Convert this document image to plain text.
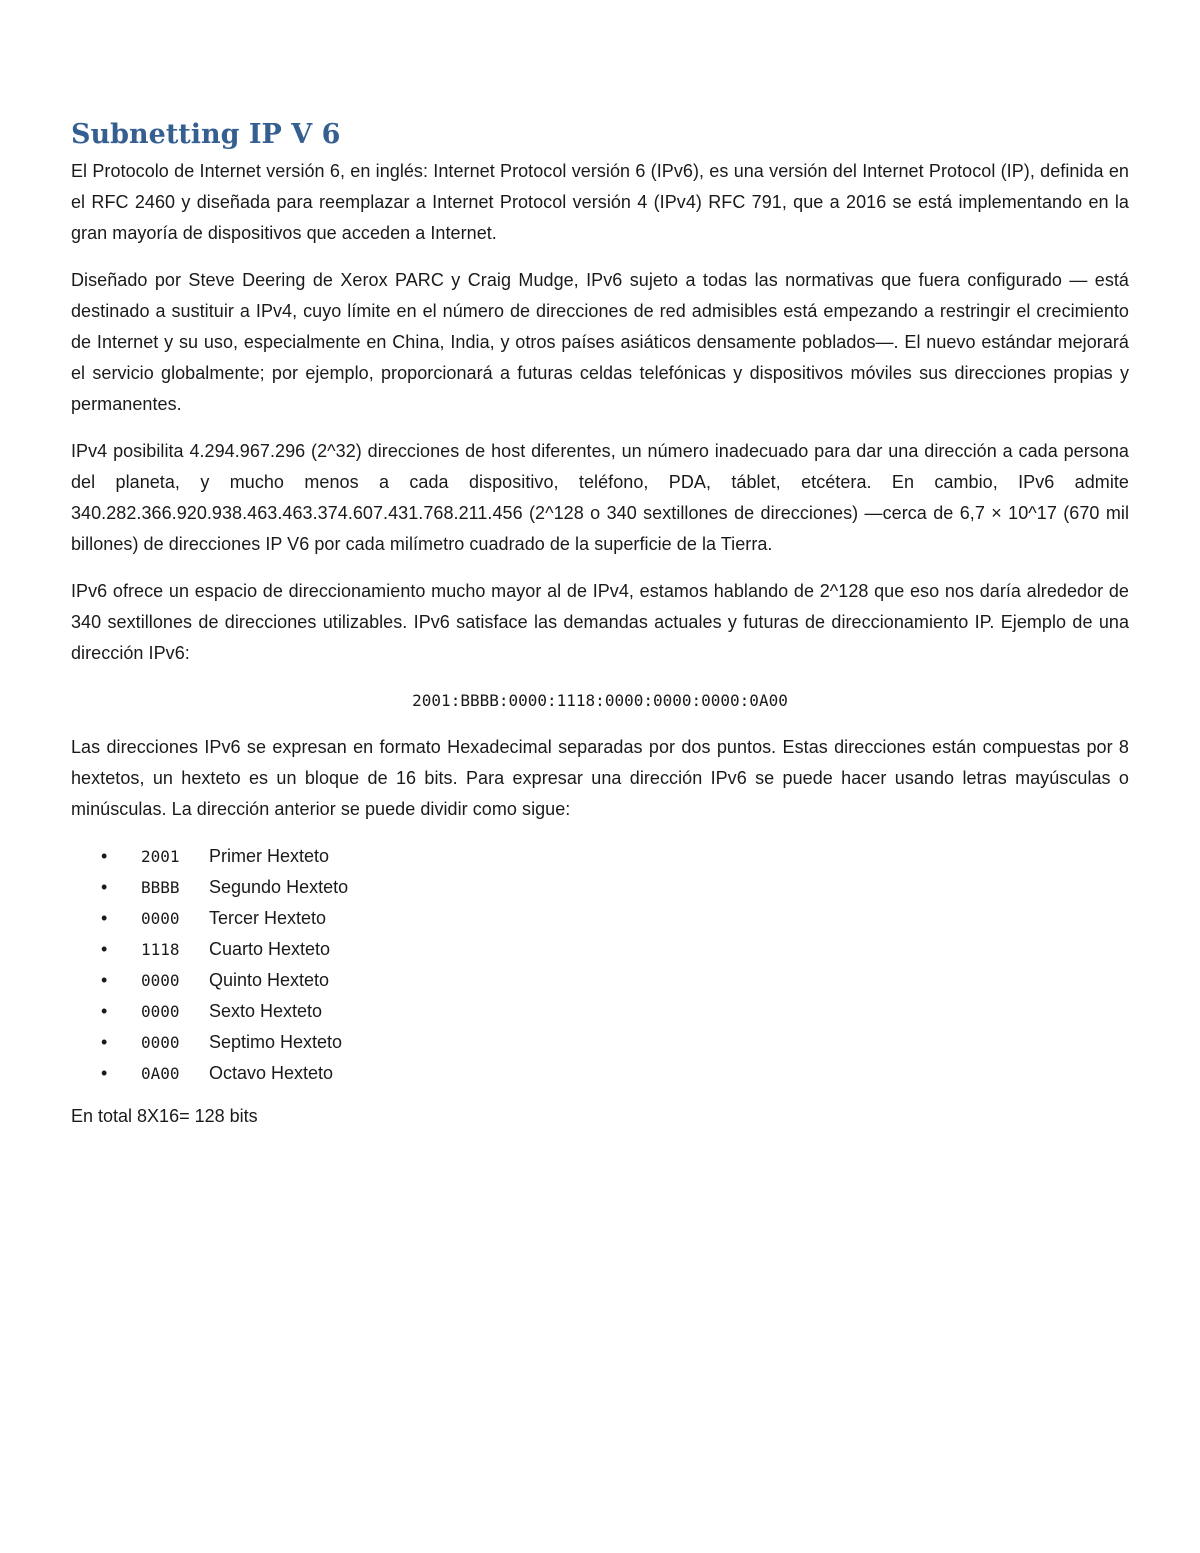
Subnetting IP V 6

El Protocolo de Internet versión 6, en inglés: Internet Protocol versión 6 (IPv6), es una versión del Internet Protocol (IP), definida en el RFC 2460 y diseñada para reemplazar a Internet Protocol versión 4 (IPv4) RFC 791, que a 2016 se está implementando en la gran mayoría de dispositivos que acceden a Internet.

Diseñado por Steve Deering de Xerox PARC y Craig Mudge, IPv6 sujeto a todas las normativas que fuera configurado — está destinado a sustituir a IPv4, cuyo límite en el número de direcciones de red admisibles está empezando a restringir el crecimiento de Internet y su uso, especialmente en China, India, y otros países asiáticos densamente poblados—. El nuevo estándar mejorará el servicio globalmente; por ejemplo, proporcionará a futuras celdas telefónicas y dispositivos móviles sus direcciones propias y permanentes.

IPv4 posibilita 4.294.967.296 (2^32) direcciones de host diferentes, un número inadecuado para dar una dirección a cada persona del planeta, y mucho menos a cada dispositivo, teléfono, PDA, táblet, etcétera. En cambio, IPv6 admite 340.282.366.920.938.463.463.374.607.431.768.211.456 (2^128 o 340 sextillones de direcciones) —cerca de 6,7 × 10^17 (670 mil billones) de direcciones IP V6 por cada milímetro cuadrado de la superficie de la Tierra.

IPv6 ofrece un espacio de direccionamiento mucho mayor al de IPv4, estamos hablando de 2^128 que eso nos daría alrededor de 340 sextillones de direcciones utilizables. IPv6 satisface las demandas actuales y futuras de direccionamiento IP. Ejemplo de una dirección IPv6:

2001:BBBB:0000:1118:0000:0000:0000:0A00

Las direcciones IPv6 se expresan en formato Hexadecimal separadas por dos puntos. Estas direcciones están compuestas por 8 hextetos, un hexteto es un bloque de 16 bits. Para expresar una dirección IPv6 se puede hacer usando letras mayúsculas o minúsculas. La dirección anterior se puede dividir como sigue:

•	2001	Primer Hexteto
•	BBBB	Segundo Hexteto
•	0000	Tercer Hexteto
•	1118	Cuarto Hexteto
•	0000	Quinto Hexteto
•	0000	Sexto Hexteto
•	0000	Septimo Hexteto
•	0A00	Octavo Hexteto

En total 8X16= 128 bits
